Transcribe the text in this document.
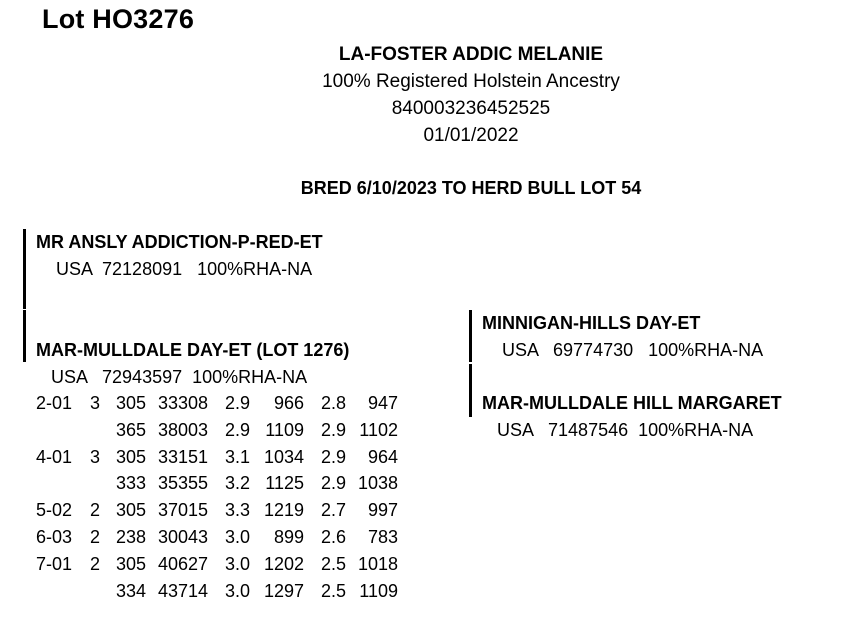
Lot HO3276
LA-FOSTER ADDIC MELANIE
100% Registered Holstein Ancestry
840003236452525
01/01/2022
BRED 6/10/2023 TO HERD BULL LOT 54
MR ANSLY ADDICTION-P-RED-ET
USA  72128091   100%RHA-NA
MAR-MULLDALE DAY-ET (LOT 1276)
USA   72943597  100%RHA-NA
2-01	3	305	33308	2.9	966	2.8	947
		365	38003	2.9	1109	2.9	1102
4-01	3	305	33151	3.1	1034	2.9	964
		333	35355	3.2	1125	2.9	1038
5-02	2	305	37015	3.3	1219	2.7	997
6-03	2	238	30043	3.0	899	2.6	783
7-01	2	305	40627	3.0	1202	2.5	1018
		334	43714	3.0	1297	2.5	1109
MINNIGAN-HILLS DAY-ET
USA   69774730   100%RHA-NA
MAR-MULLDALE HILL MARGARET
USA   71487546  100%RHA-NA
